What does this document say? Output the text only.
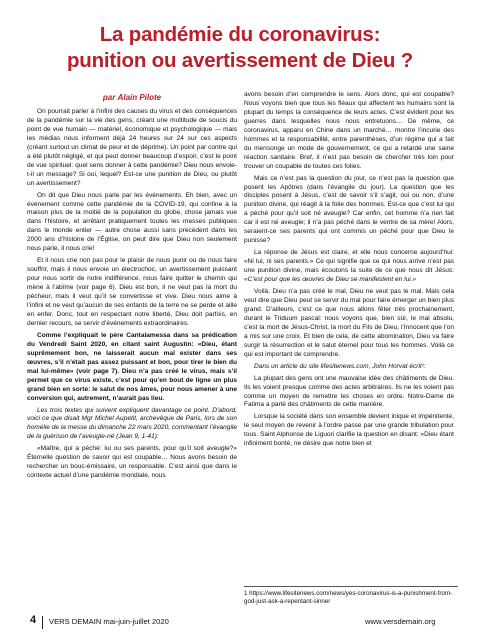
La pandémie du coronavirus:
punition ou avertissement de Dieu ?

par Alain Pilote

On pourrait parler à l’infini des causes du virus et des conséquences de la pandémie sur la vie des gens, créant une multitude de soucis du point de vue humain — matériel, économique et psychologique — mais les médias nous informent déjà 24 heures sur 24 sur ces aspects (créant surtout un climat de peur et de déprime). Un point par contre qui a été plutôt négligé, et qui peut donner beaucoup d’espoir, c’est le point de vue spirituel: quel sens donner à cette pandémie? Dieu nous envoie-t-il un message? Si oui, lequel? Est-ce une punition de Dieu, ou plutôt un avertissement?

On dit que Dieu nous parle par les événements. Eh bien, avec un événement comme cette pandémie de la COVID-19, qui confine à la maison plus de la moitié de la population du globe, chose jamais vue dans l’histoire, et arrêtant pratiquement toutes les messes publiques dans le monde entier — autre chose aussi sans précédent dans les 2000 ans d’histoire de l’Église, on peut dire que Dieu non seulement nous parle, il nous crie!

Et il nous crie non pas pour le plaisir de nous punir ou de nous faire souffrir, mais il nous envoie un électrochoc, un avertissement puissant pour nous sortir de notre indifférence, nous faire quitter le chemin qui mène à l’abîme (voir page 6). Dieu est bon, il ne veut pas la mort du pécheur, mais il veut qu’il se convertisse et vive. Dieu nous aime à l’infini et ne veut qu’aucun de ses enfants de la terre ne se perde et aille en enfer. Donc, tout en respectant notre liberté, Dieu doit parfois, en dernier recours, se servir d’événements extraordinaires.

Comme l’expliquait le père Cantalamessa dans sa prédication du Vendredi Saint 2020, en citant saint Augustin: «Dieu, étant suprêmement bon, ne laisserait aucun mal exister dans ses œuvres, s’il n’était pas assez puissant et bon, pour tirer le bien du mal lui-même» (voir page 7). Dieu n’a pas créé le virus, mais s’il permet que ce virus existe, c’est pour qu’en bout de ligne un plus grand bien en sorte: le salut de nos âmes, pour nous amener à une conversion qui, autrement, n’aurait pas lieu.

Les trois textes qui suivent expliquent davantage ce point. D’abord, voici ce que disait Mgr Michel Aupetit, archevêque de Paris, lors de son homélie de la messe du dimanche 22 mars 2020, commentant l’évangile de la guérison de l’aveugle-né (Jean 9, 1-41):

«Maître, qui a péché: lui ou ses parents, pour qu’il soit aveugle?» Éternelle question de savoir qui est coupable… Nous avons besoin de rechercher un bouc-émissaire, un responsable. C’est ainsi que dans le contexte actuel d’une pandémie mondiale, nous

avons besoin d’en comprendre le sens. Alors donc, qui est coupable? Nous voyons bien que tous les fléaux qui affectent les humains sont la plupart du temps la conséquence de leurs actes. C’est évident pour les guerres dans lesquelles nous nous entretuons… De même, ce coronavirus, apparu en Chine dans un marché… montre l’incurie des hommes et la responsabilité, entre parenthèses, d’un régime qui a fait du mensonge un mode de gouvernement, ce qui a retardé une saine réaction sanitaire. Bref, il n’est pas besoin de chercher très loin pour trouver un coupable de toutes ces folies.

Mais ce n’est pas la question du jour, ce n’est pas la question que posent les Apôtres (dans l’évangile du jour). La question que les disciples posent à Jésus, c’est de savoir s’il s’agit, oui ou non, d’une punition divine, qui réagit à la folie des hommes. Est-ce que c’est lui qui a péché pour qu’il soit né aveugle? Car enfin, cet homme n’a rien fait car il est né aveugle; il n’a pas péché dans le ventre de sa mère! Alors, seraient-ce ses parents qui ont commis un péché pour que Dieu le punisse?

La réponse de Jésus est claire, et elle nous concerne aujourd’hui: «Ni lui, ni ses parents.» Ce qui signifie que ce qui nous arrive n’est pas une punition divine, mais écoutons la suite de ce que nous dit Jésus: «C’est pour que les œuvres de Dieu se manifestent en lui.»

Voilà. Dieu n’a pas créé le mal, Dieu ne veut pas le mal. Mais cela veut dire que Dieu peut se servir du mal pour faire émerger un bien plus grand. D’ailleurs, c’est ce que nous allons fêter très prochainement, durant le Triduum pascal: nous voyons que, bien sûr, le mal absolu, c’est la mort de Jésus-Christ, la mort du Fils de Dieu, l’Innocent que l’on a mis sur une croix. Et bien de cela, de cette abomination, Dieu va faire surgir la résurrection et le salut éternel pour tous les hommes. Voilà ce qui est important de comprendre.

Dans un article du site lifesitenews.com, John Horvat écrit¹:

La plupart des gens ont une mauvaise idée des châtiments de Dieu. Ils les voient presque comme des actes arbitraires. Ils ne les voient pas comme un moyen de remettre les choses en ordre. Notre-Dame de Fatima a parlé des châtiments de cette manière.

Lorsque la société dans son ensemble devient inique et impénitente, le seul moyen de revenir à l’ordre passe par une grande tribulation pour tous. Saint Alphonse de Liguori clarifie la question en disant: «Dieu étant infiniment bonté, ne désire que notre bien et

1 https://www.lifesitenews.com/news/yes-coronavirus-is-a-punishment-from-god-just-ask-a-repentant-sinner
4 VERS DEMAIN mai-juin-juillet 2020	www.versdemain.org
